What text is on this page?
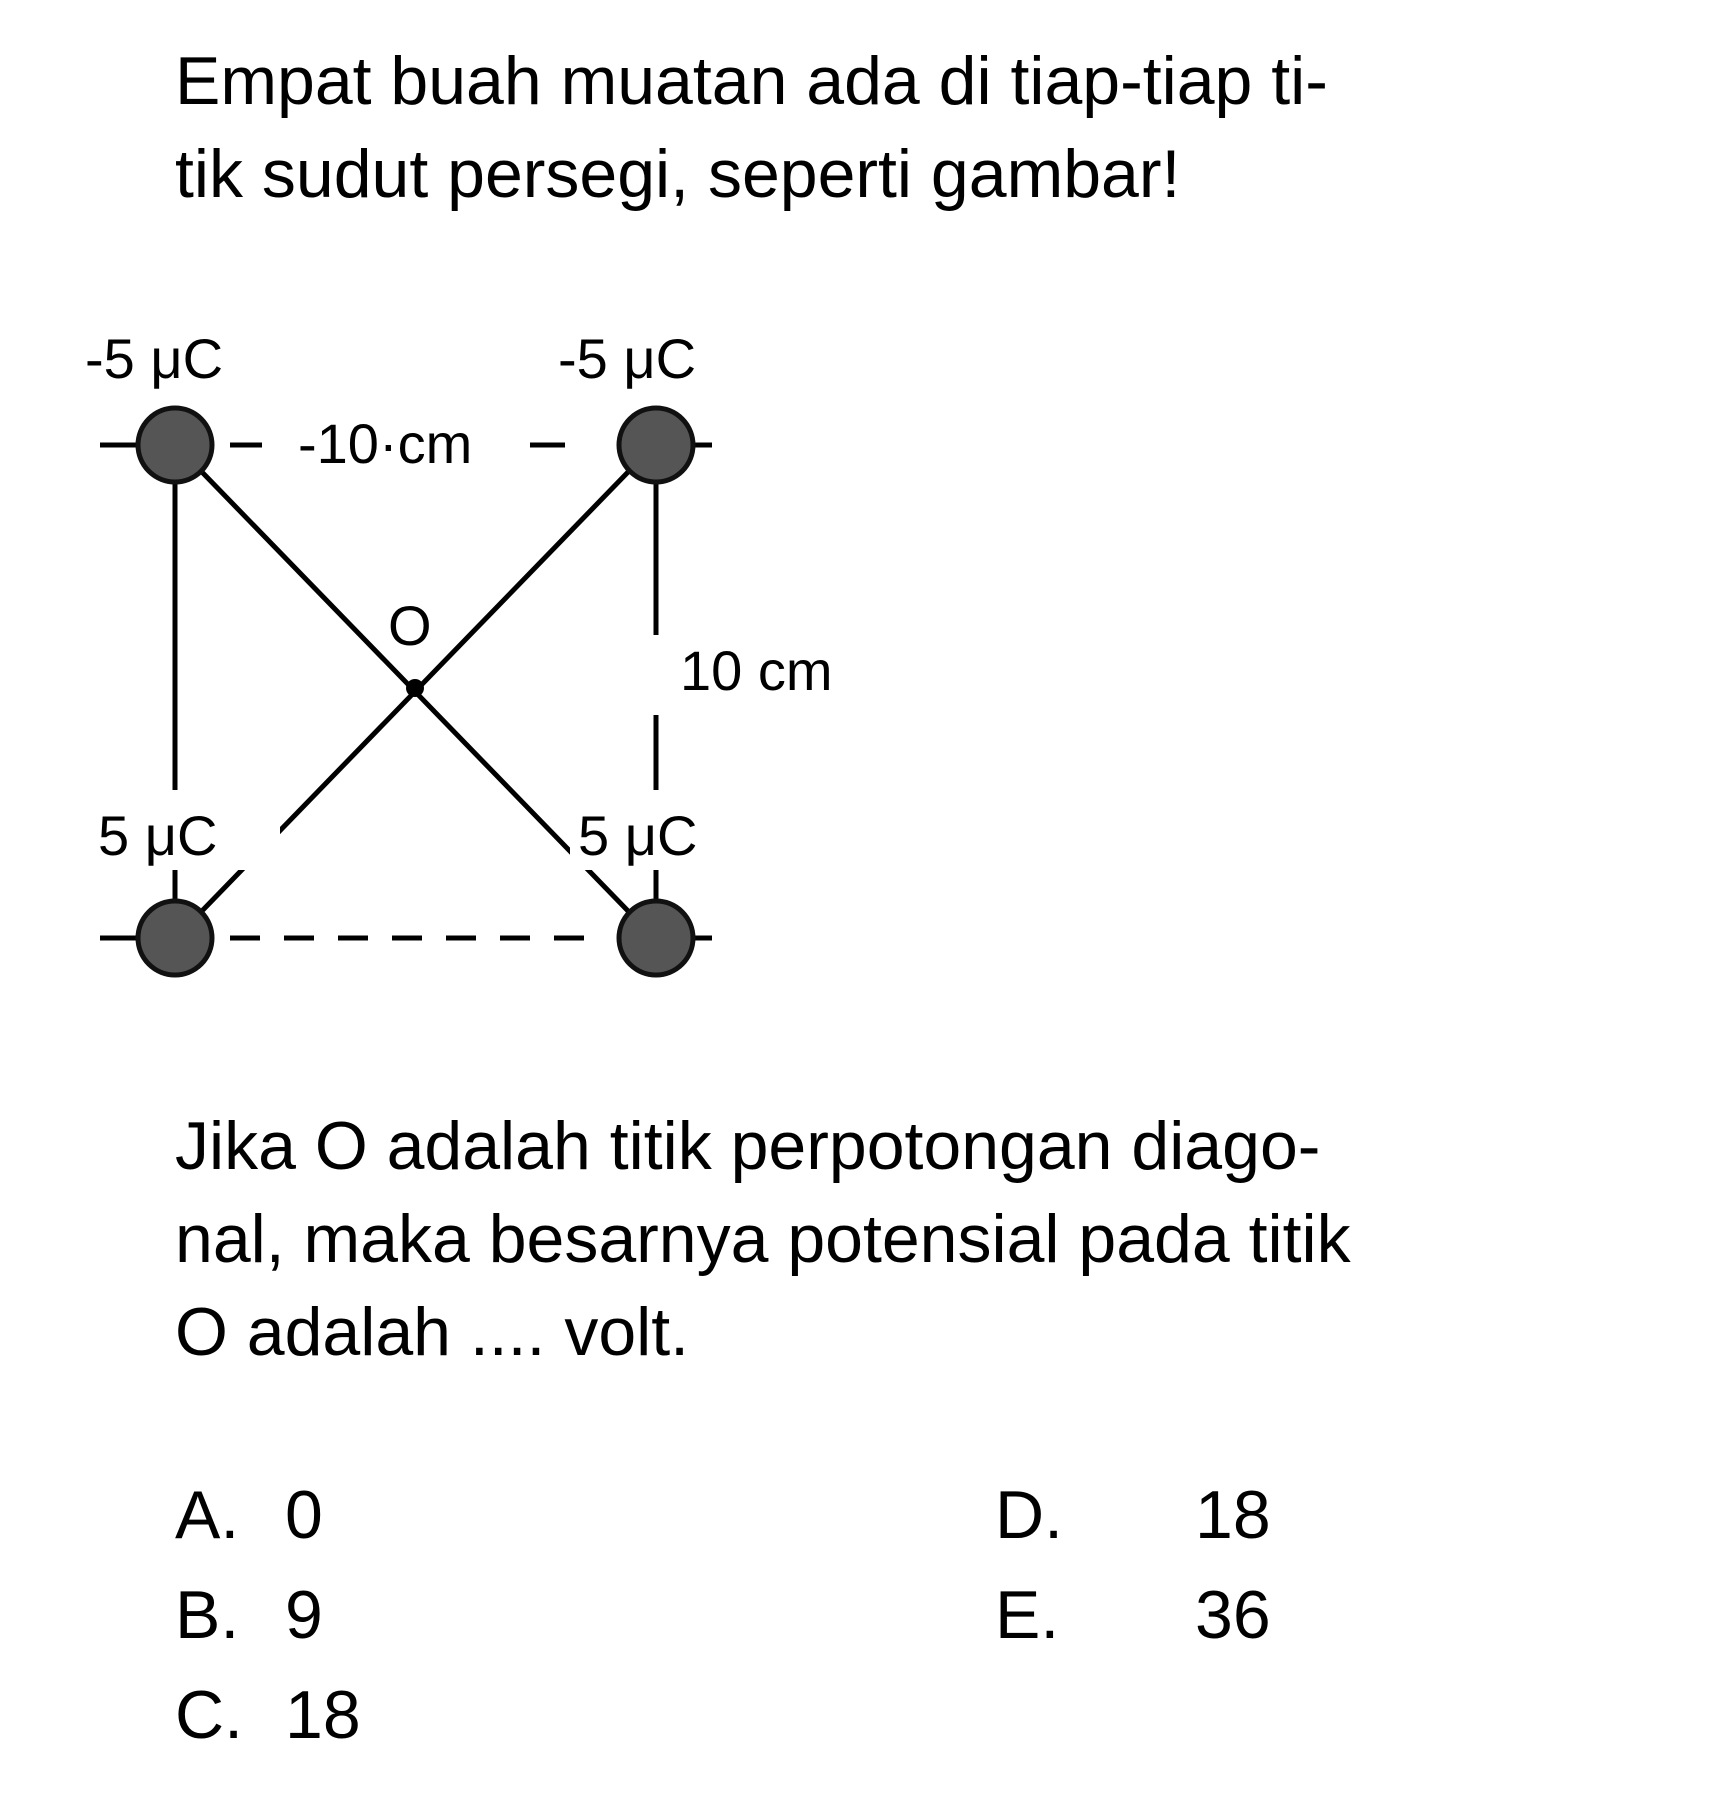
Empat buah muatan ada di tiap-tiap ti-
tik sudut persegi, seperti gambar!
-5 μC	-5 μC
-10·cm
O
10 cm
5 μC	5 μC
Jika O adalah titik perpotongan diago-
nal, maka besarnya potensial pada titik
O adalah .... volt.
A. 0
B. 9
C. 18
D. 18
E. 36
